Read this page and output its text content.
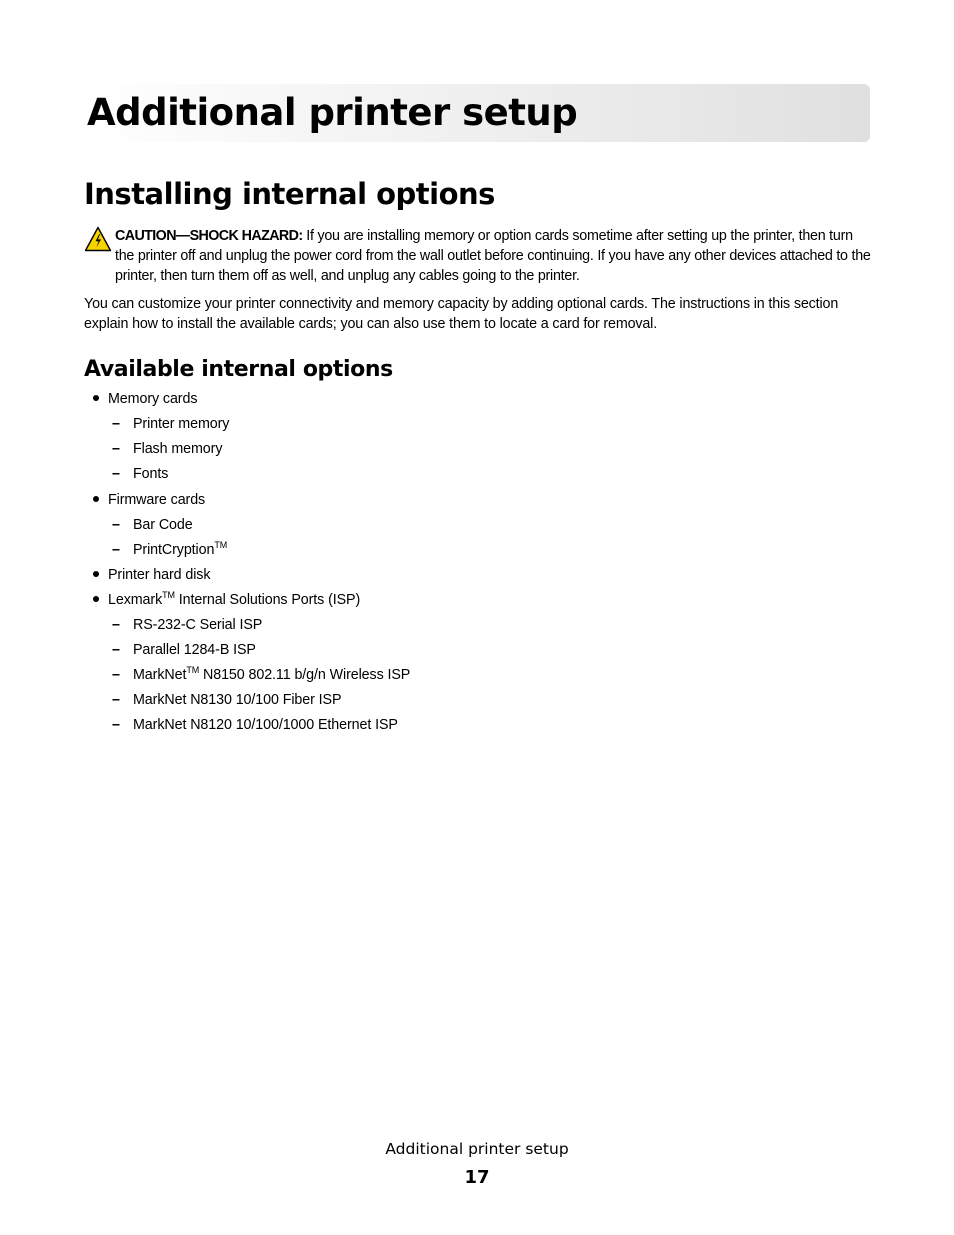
Additional printer setup
Installing internal options

CAUTION—SHOCK HAZARD: If you are installing memory or option cards sometime after setting up the printer, then turn the printer off and unplug the power cord from the wall outlet before continuing. If you have any other devices attached to the printer, then turn them off as well, and unplug any cables going to the printer.

You can customize your printer connectivity and memory capacity by adding optional cards. The instructions in this section explain how to install the available cards; you can also use them to locate a card for removal.

Available internal options
Memory cards
– Printer memory
– Flash memory
– Fonts
Firmware cards
– Bar Code
– PrintCryption™
Printer hard disk
Lexmark™ Internal Solutions Ports (ISP)
– RS-232-C Serial ISP
– Parallel 1284-B ISP
– MarkNet™ N8150 802.11 b/g/n Wireless ISP
– MarkNet N8130 10/100 Fiber ISP
– MarkNet N8120 10/100/1000 Ethernet ISP

Additional printer setup

17
